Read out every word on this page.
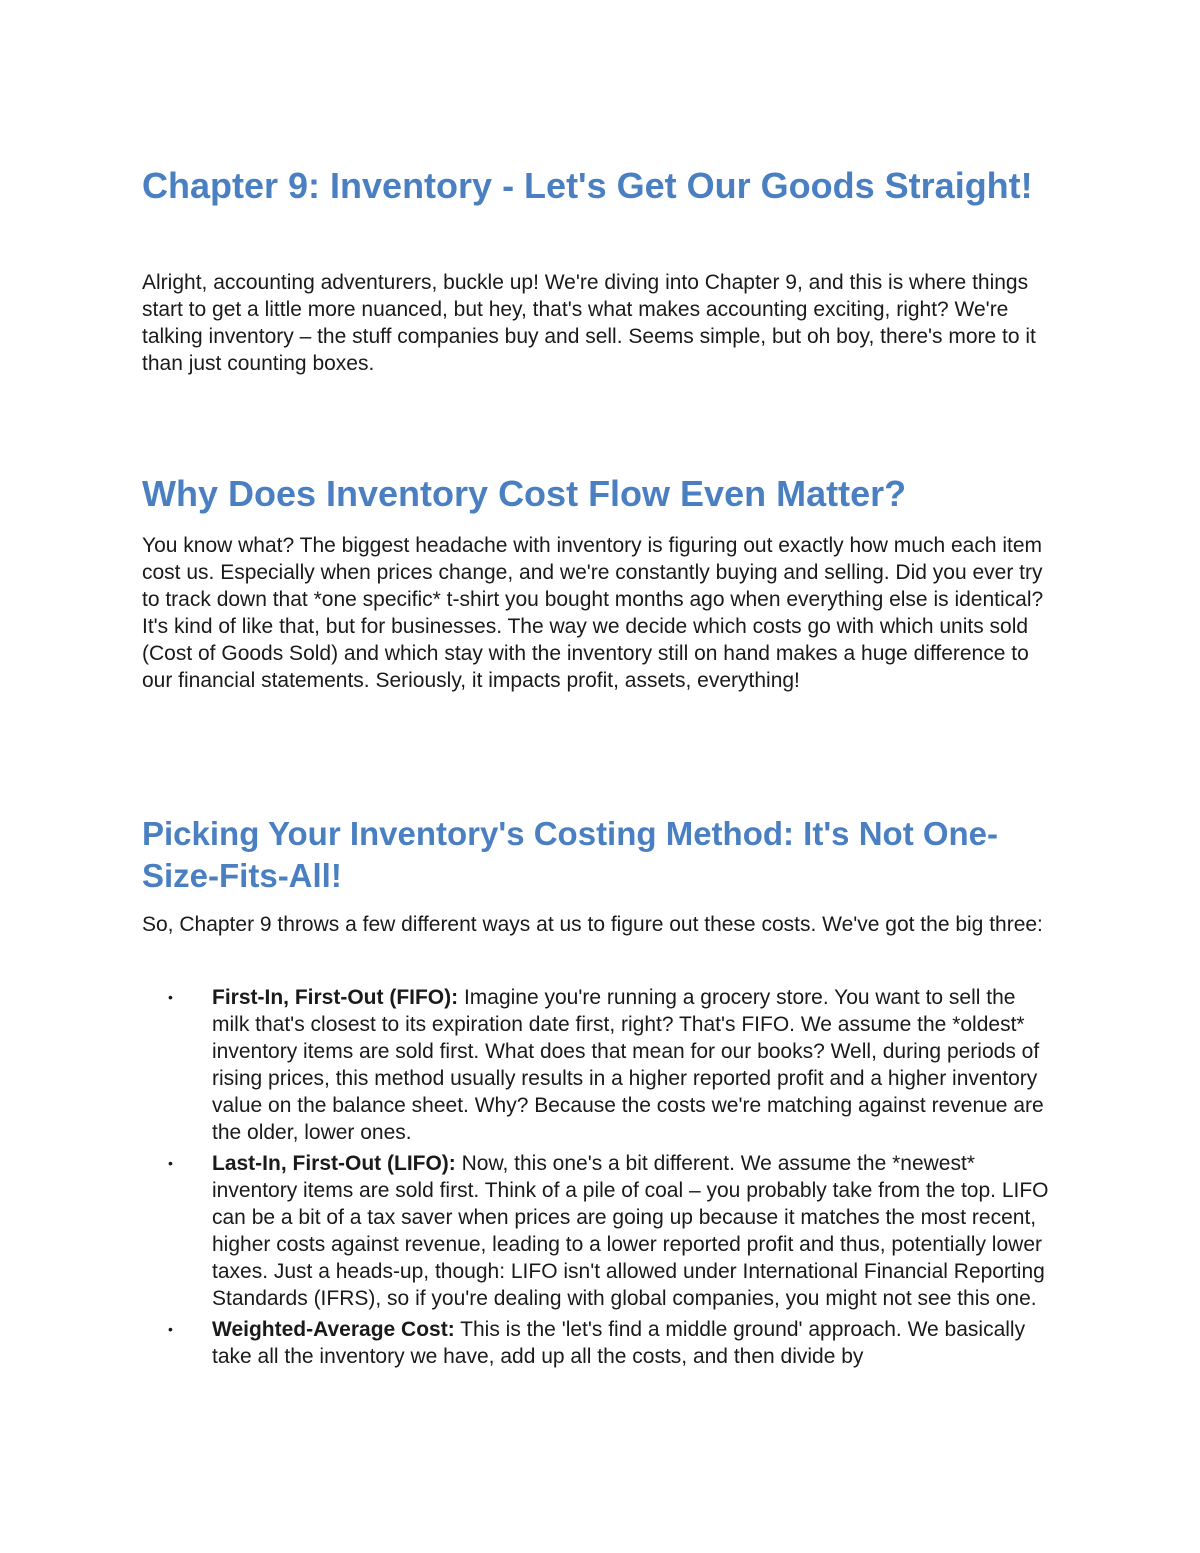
Chapter 9: Inventory - Let's Get Our Goods Straight!

Alright, accounting adventurers, buckle up! We're diving into Chapter 9, and this is where things start to get a little more nuanced, but hey, that's what makes accounting exciting, right? We're talking inventory – the stuff companies buy and sell. Seems simple, but oh boy, there's more to it than just counting boxes.

Why Does Inventory Cost Flow Even Matter?

You know what? The biggest headache with inventory is figuring out exactly how much each item cost us. Especially when prices change, and we're constantly buying and selling. Did you ever try to track down that *one specific* t-shirt you bought months ago when everything else is identical? It's kind of like that, but for businesses. The way we decide which costs go with which units sold (Cost of Goods Sold) and which stay with the inventory still on hand makes a huge difference to our financial statements. Seriously, it impacts profit, assets, everything!

Picking Your Inventory's Costing Method: It's Not One-Size-Fits-All!

So, Chapter 9 throws a few different ways at us to figure out these costs. We've got the big three:

• First-In, First-Out (FIFO): Imagine you're running a grocery store. You want to sell the milk that's closest to its expiration date first, right? That's FIFO. We assume the *oldest* inventory items are sold first. What does that mean for our books? Well, during periods of rising prices, this method usually results in a higher reported profit and a higher inventory value on the balance sheet. Why? Because the costs we're matching against revenue are the older, lower ones.
• Last-In, First-Out (LIFO): Now, this one's a bit different. We assume the *newest* inventory items are sold first. Think of a pile of coal – you probably take from the top. LIFO can be a bit of a tax saver when prices are going up because it matches the most recent, higher costs against revenue, leading to a lower reported profit and thus, potentially lower taxes. Just a heads-up, though: LIFO isn't allowed under International Financial Reporting Standards (IFRS), so if you're dealing with global companies, you might not see this one.
• Weighted-Average Cost: This is the 'let's find a middle ground' approach. We basically take all the inventory we have, add up all the costs, and then divide by
